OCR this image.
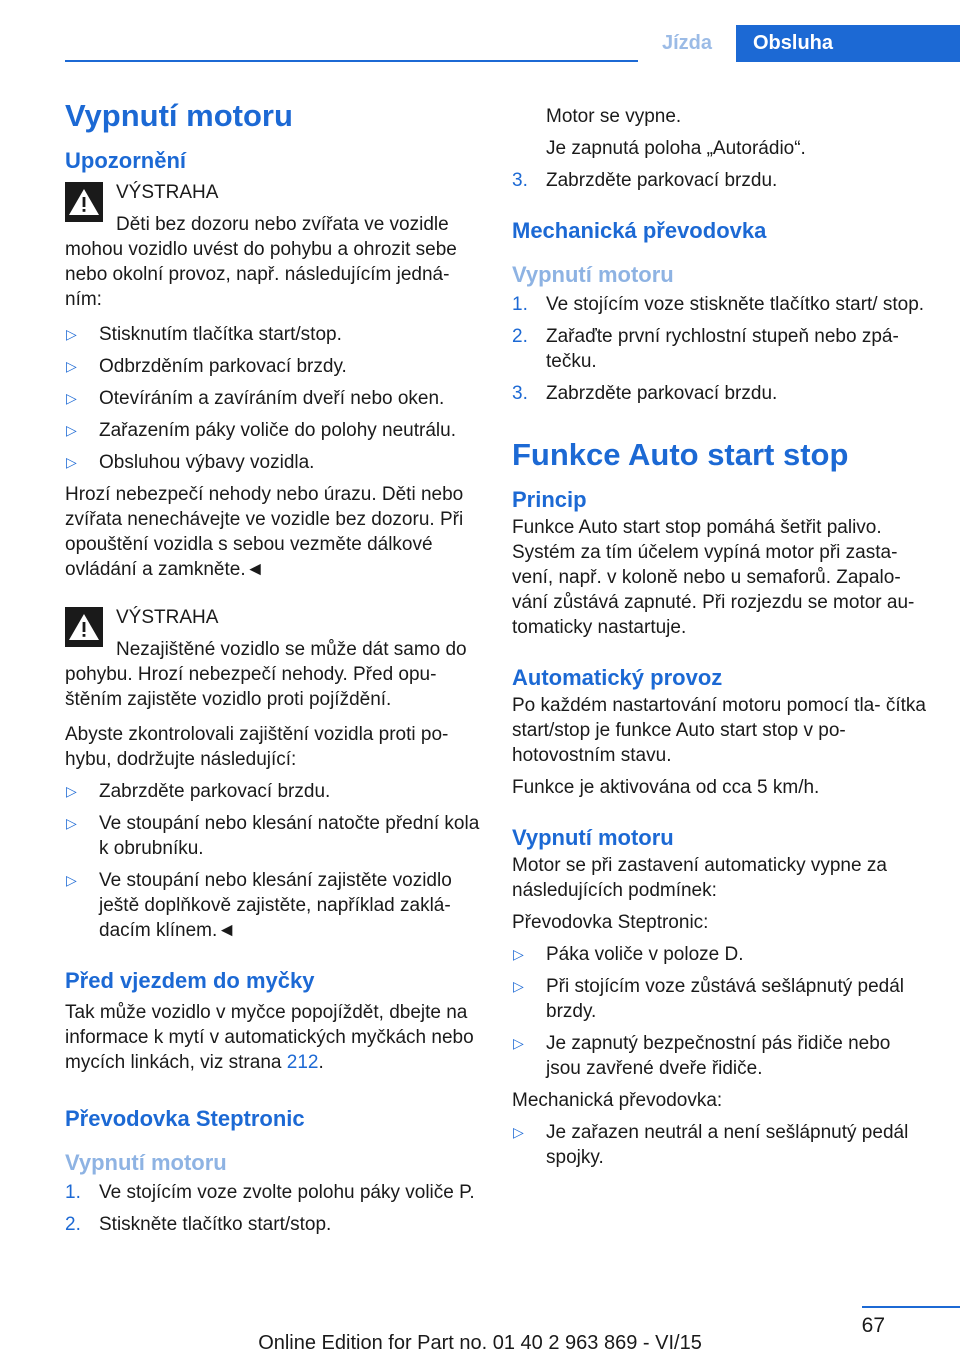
Jízda	Obsluha
Vypnutí motoru
Upozornění
VÝSTRAHA
Děti bez dozoru nebo zvířata ve vozidle mohou vozidlo uvést do pohybu a ohrozit sebe nebo okolní provoz, např. následujícím jedná‐ ním:
▷ Stisknutím tlačítka start/stop.
▷ Odbrzděním parkovací brzdy.
▷ Otevíráním a zavíráním dveří nebo oken.
▷ Zařazením páky voliče do polohy neutrálu.
▷ Obsluhou výbavy vozidla.
Hrozí nebezpečí nehody nebo úrazu. Děti nebo zvířata nenechávejte ve vozidle bez dozoru. Při opouštění vozidla s sebou vezměte dálkové ovládání a zamkněte.◄
VÝSTRAHA
Nezajištěné vozidlo se může dát samo do pohybu. Hrozí nebezpečí nehody. Před opu‐ štěním zajistěte vozidlo proti pojíždění.
Abyste zkontrolovali zajištění vozidla proti po‐ hybu, dodržujte následující:
▷ Zabrzděte parkovací brzdu.
▷ Ve stoupání nebo klesání natočte přední kola k obrubníku.
▷ Ve stoupání nebo klesání zajistěte vozidlo ještě doplňkově zajistěte, například zaklá‐ dacím klínem.◄
Před vjezdem do myčky
Tak může vozidlo v myčce popojíždět, dbejte na informace k mytí v automatických myčkách nebo mycích linkách, viz strana 212.
Převodovka Steptronic
Vypnutí motoru
1. Ve stojícím voze zvolte polohu páky voliče P.
2. Stiskněte tlačítko start/stop.
Motor se vypne.
Je zapnutá poloha „Autorádio“.
3. Zabrzděte parkovací brzdu.
Mechanická převodovka
Vypnutí motoru
1. Ve stojícím voze stiskněte tlačítko start/ stop.
2. Zařaďte první rychlostní stupeň nebo zpá‐ tečku.
3. Zabrzděte parkovací brzdu.
Funkce Auto start stop
Princip
Funkce Auto start stop pomáhá šetřit palivo. Systém za tím účelem vypíná motor při zasta‐ vení, např. v koloně nebo u semaforů. Zapalo‐ vání zůstává zapnuté. Při rozjezdu se motor au‐ tomaticky nastartuje.
Automatický provoz
Po každém nastartování motoru pomocí tla‐ čítka start/stop je funkce Auto start stop v po‐ hotovostním stavu.
Funkce je aktivována od cca 5 km/h.
Vypnutí motoru
Motor se při zastavení automaticky vypne za následujících podmínek:
Převodovka Steptronic:
▷ Páka voliče v poloze D.
▷ Při stojícím voze zůstává sešlápnutý pedál brzdy.
▷ Je zapnutý bezpečnostní pás řidiče nebo jsou zavřené dveře řidiče.
Mechanická převodovka:
▷ Je zařazen neutrál a není sešlápnutý pedál spojky.
67
Online Edition for Part no. 01 40 2 963 869 - VI/15
